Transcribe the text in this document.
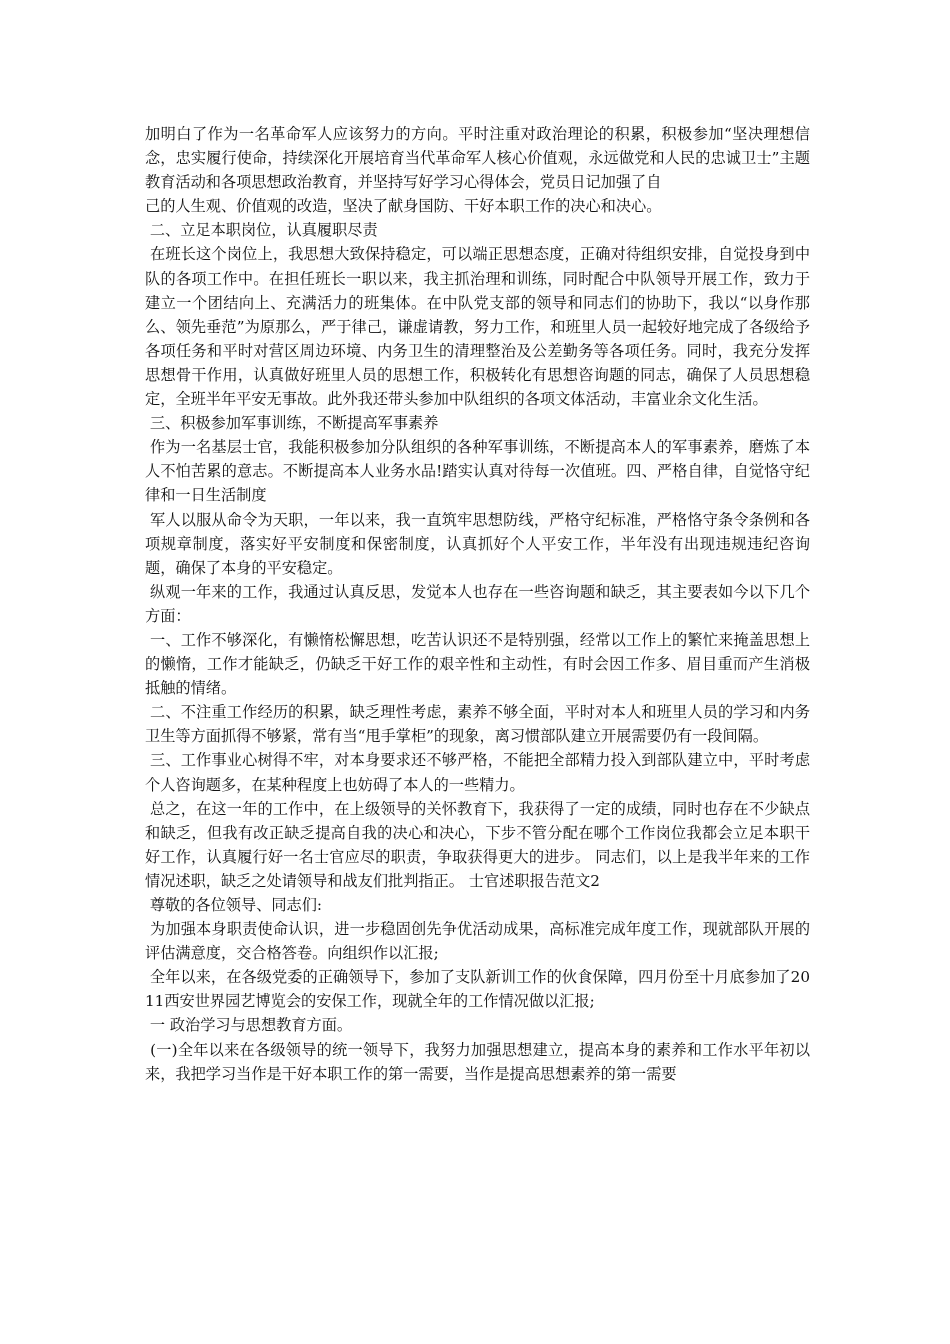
加明白了作为一名革命军人应该努力的方向。平时注重对政治理论的积累，积极参加“坚决理想信念，忠实履行使命，持续深化开展培育当代革命军人核心价值观，永远做党和人民的忠诚卫士”主题教育活动和各项思想政治教育，并坚持写好学习心得体会，党员日记加强了自

己的人生观、价值观的改造，坚决了献身国防、干好本职工作的决心和决心。

二、立足本职岗位，认真履职尽责

在班长这个岗位上，我思想大致保持稳定，可以端正思想态度，正确对待组织安排，自觉投身到中队的各项工作中。在担任班长一职以来，我主抓治理和训练，同时配合中队领导开展工作，致力于建立一个团结向上、充满活力的班集体。在中队党支部的领导和同志们的协助下，我以“以身作那么、领先垂范”为原那么，严于律己，谦虚请教，努力工作，和班里人员一起较好地完成了各级给予各项任务和平时对营区周边环境、内务卫生的清理整治及公差勤务等各项任务。同时，我充分发挥思想骨干作用，认真做好班里人员的思想工作，积极转化有思想咨询题的同志，确保了人员思想稳定，全班半年平安无事故。此外我还带头参加中队组织的各项文体活动，丰富业余文化生活。

三、积极参加军事训练，不断提高军事素养

作为一名基层士官，我能积极参加分队组织的各种军事训练，不断提高本人的军事素养，磨炼了本人不怕苦累的意志。不断提高本人业务水品!踏实认真对待每一次值班。四、严格自律，自觉恪守纪律和一日生活制度

军人以服从命令为天职，一年以来，我一直筑牢思想防线，严格守纪标准，严格恪守条令条例和各项规章制度，落实好平安制度和保密制度，认真抓好个人平安工作，半年没有出现违规违纪咨询题，确保了本身的平安稳定。

纵观一年来的工作，我通过认真反思，发觉本人也存在一些咨询题和缺乏，其主要表如今以下几个方面：

一、工作不够深化，有懒惰松懈思想，吃苦认识还不是特别强，经常以工作上的繁忙来掩盖思想上的懒惰，工作才能缺乏，仍缺乏干好工作的艰辛性和主动性，有时会因工作多、眉目重而产生消极抵触的情绪。

二、不注重工作经历的积累，缺乏理性考虑，素养不够全面，平时对本人和班里人员的学习和内务卫生等方面抓得不够紧，常有当“甩手掌柜”的现象，离习惯部队建立开展需要仍有一段间隔。

三、工作事业心树得不牢，对本身要求还不够严格，不能把全部精力投入到部队建立中，平时考虑个人咨询题多，在某种程度上也妨碍了本人的一些精力。

总之，在这一年的工作中，在上级领导的关怀教育下，我获得了一定的成绩，同时也存在不少缺点和缺乏，但我有改正缺乏提高自我的决心和决心，下步不管分配在哪个工作岗位我都会立足本职干好工作，认真履行好一名士官应尽的职责，争取获得更大的进步。 同志们，以上是我半年来的工作情况述职，缺乏之处请领导和战友们批判指正。 士官述职报告范文2

尊敬的各位领导、同志们:

为加强本身职责使命认识，进一步稳固创先争优活动成果，高标准完成年度工作，现就部队开展的评估满意度，交合格答卷。向组织作以汇报;

全年以来，在各级党委的正确领导下，参加了支队新训工作的伙食保障，四月份至十月底参加了2011西安世界园艺博览会的安保工作，现就全年的工作情况做以汇报;

一 政治学习与思想教育方面。

(一)全年以来在各级领导的统一领导下，我努力加强思想建立，提高本身的素养和工作水平年初以来，我把学习当作是干好本职工作的第一需要，当作是提高思想素养的第一需要
